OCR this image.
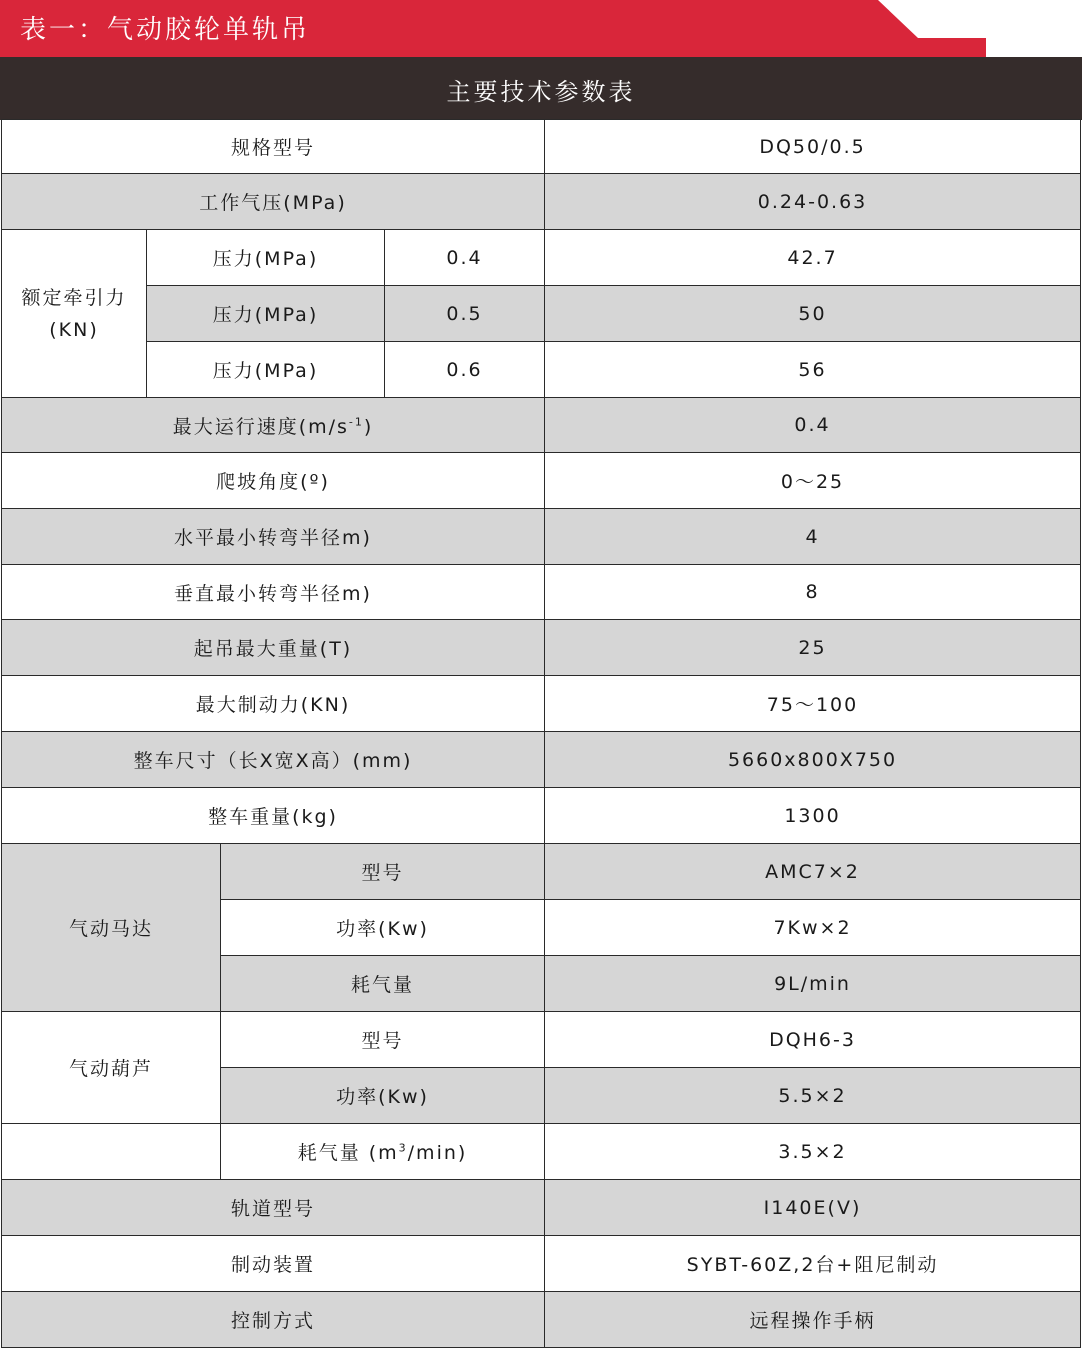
表一：气动胶轮单轨吊
主要技术参数表
规格型号				DQ50/0.5
工作气压(MPa)				0.24-0.63
额定牵引力
(KN)	压力(MPa)		0.4	42.7
	压力(MPa)		0.5	50
	压力(MPa)		0.6	56
最大运行速度$(m/s^{-1})$				0.4
爬坡角度(º)				0～25
水平最小转弯半径m)				4
垂直最小转弯半径m)				8
起吊最大重量(T)				25
最大制动力(KN)				75～100
整车尺寸（长X宽X高）(mm)				5660x800X750
整车重量(kg)				1300
气动马达		型号		AMC7×2
		功率(Kw)		7Kw×2
		耗气量		9L/min
气动葫芦		型号		DQH6-3
		功率(Kw)		5.5×2
		耗气量 $(m^3/\min)$		3.5×2
轨道型号				I140E(V)
制动装置				SYBT-60Z,2台+阻尼制动
控制方式				远程操作手柄
